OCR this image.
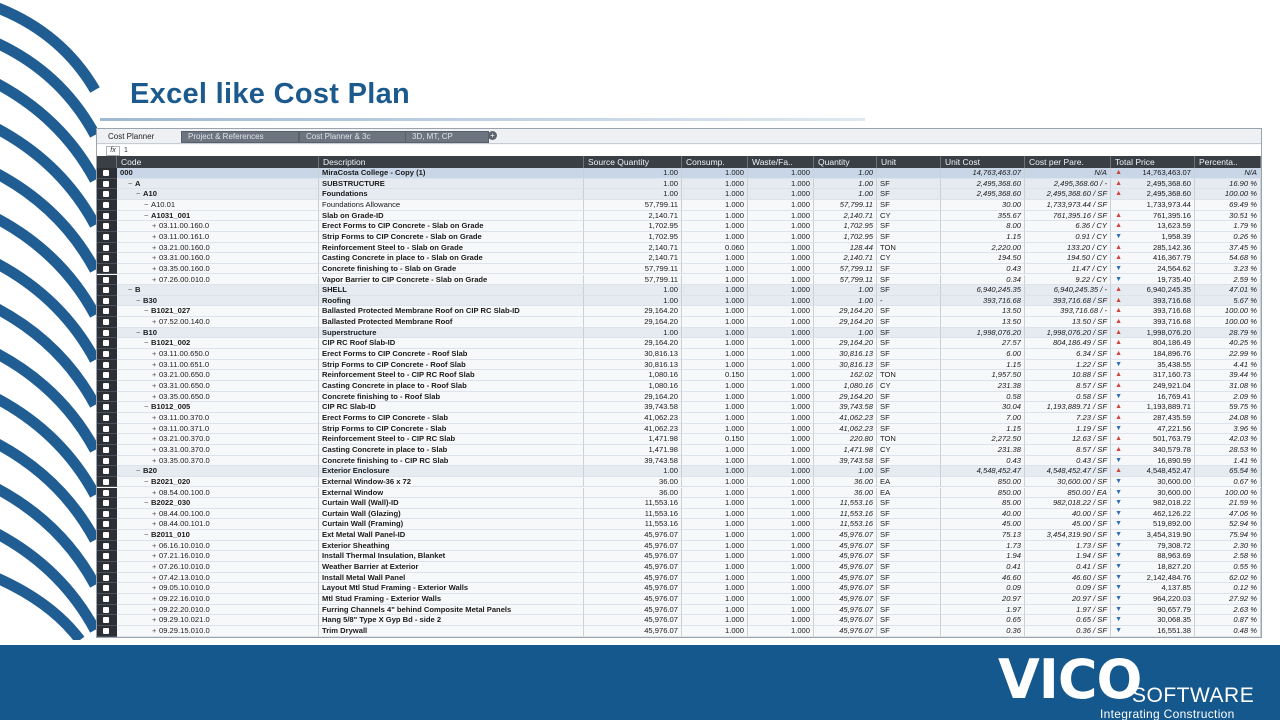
Excel like Cost Plan
Cost Planner	Project & References	Cost Planner & 3c	3D, MT, CP	+
fx	1
Code	Description	Source Quantity	Consump.	Waste/Fa..	Quantity	Unit	Unit Cost	Cost per Pare.	Total Price	Percenta..
000	MiraCosta College - Copy (1)	1.00	1.000	1.000	1.00	14,763,463.07	N/A	▲	14,763,463.07	N/A
− A	SUBSTRUCTURE	1.00	1.000	1.000	1.00 SF	2,495,368.60	2,495,368.60 / -	▲	2,495,368.60	16.90 %
− A10	Foundations	1.00	1.000	1.000	1.00 SF	2,495,368.60	2,495,368.60 / SF	▲	2,495,368.60	100.00 %
− A10.01	Foundations Allowance	57,799.11	1.000	1.000	57,799.11 SF	30.00	1,733,973.44 / SF	1,733,973.44	69.49 %
− A1031_001	Slab on Grade-ID	2,140.71	1.000	1.000	2,140.71 CY	355.67	761,395.16 / SF	▲	761,395.16	30.51 %
+ 03.11.00.160.0	Erect Forms to CIP Concrete - Slab on Grade	1,702.95	1.000	1.000	1,702.95 SF	8.00	6.36 / CY	▲	13,623.59	1.79 %
+ 03.11.00.161.0	Strip Forms to CIP Concrete - Slab on Grade	1,702.95	1.000	1.000	1,702.95 SF	1.15	0.91 / CY	▼	1,958.39	0.26 %
+ 03.21.00.160.0	Reinforcement Steel to - Slab on Grade	2,140.71	0.060	1.000	128.44 TON	2,220.00	133.20 / CY	▲	285,142.36	37.45 %
+ 03.31.00.160.0	Casting Concrete in place to - Slab on Grade	2,140.71	1.000	1.000	2,140.71 CY	194.50	194.50 / CY	▲	416,367.79	54.68 %
+ 03.35.00.160.0	Concrete finishing to - Slab on Grade	57,799.11	1.000	1.000	57,799.11 SF	0.43	11.47 / CY	▼	24,564.62	3.23 %
+ 07.26.00.010.0	Vapor Barrier to CIP Concrete - Slab on Grade	57,799.11	1.000	1.000	57,799.11 SF	0.34	9.22 / CY	▼	19,735.40	2.59 %
− B	SHELL	1.00	1.000	1.000	1.00 SF	6,940,245.35	6,940,245.35 / -	▲	6,940,245.35	47.01 %
− B30	Roofing	1.00	1.000	1.000	1.00 -	393,716.68	393,716.68 / SF	▲	393,716.68	5.67 %
− B1021_027	Ballasted Protected Membrane Roof on CIP RC Slab-ID	29,164.20	1.000	1.000	29,164.20 SF	13.50	393,716.68 / -	▲	393,716.68	100.00 %
+ 07.52.00.140.0	Ballasted Protected Membrane Roof	29,164.20	1.000	1.000	29,164.20 SF	13.50	13.50 / SF	▲	393,716.68	100.00 %
− B10	Superstructure	1.00	1.000	1.000	1.00 SF	1,998,076.20	1,998,076.20 / SF	▲	1,998,076.20	28.79 %
− B1021_002	CIP RC Roof Slab-ID	29,164.20	1.000	1.000	29,164.20 SF	27.57	804,186.49 / SF	▲	804,186.49	40.25 %
+ 03.11.00.650.0	Erect Forms to CIP Concrete - Roof Slab	30,816.13	1.000	1.000	30,816.13 SF	6.00	6.34 / SF	▲	184,896.76	22.99 %
+ 03.11.00.651.0	Strip Forms to CIP Concrete - Roof Slab	30,816.13	1.000	1.000	30,816.13 SF	1.15	1.22 / SF	▼	35,438.55	4.41 %
+ 03.21.00.650.0	Reinforcement Steel to - CIP RC Roof Slab	1,080.16	0.150	1.000	162.02 TON	1,957.50	10.88 / SF	▲	317,160.73	39.44 %
+ 03.31.00.650.0	Casting Concrete in place to - Roof Slab	1,080.16	1.000	1.000	1,080.16 CY	231.38	8.57 / SF	▲	249,921.04	31.08 %
+ 03.35.00.650.0	Concrete finishing to - Roof Slab	29,164.20	1.000	1.000	29,164.20 SF	0.58	0.58 / SF	▼	16,769.41	2.09 %
− B1012_005	CIP RC Slab-ID	39,743.58	1.000	1.000	39,743.58 SF	30.04	1,193,889.71 / SF	▲	1,193,889.71	59.75 %
+ 03.11.00.370.0	Erect Forms to CIP Concrete - Slab	41,062.23	1.000	1.000	41,062.23 SF	7.00	7.23 / SF	▲	287,435.59	24.08 %
+ 03.11.00.371.0	Strip Forms to CIP Concrete - Slab	41,062.23	1.000	1.000	41,062.23 SF	1.15	1.19 / SF	▼	47,221.56	3.96 %
+ 03.21.00.370.0	Reinforcement Steel to - CIP RC Slab	1,471.98	0.150	1.000	220.80 TON	2,272.50	12.63 / SF	▲	501,763.79	42.03 %
+ 03.31.00.370.0	Casting Concrete in place to - Slab	1,471.98	1.000	1.000	1,471.98 CY	231.38	8.57 / SF	▲	340,579.78	28.53 %
+ 03.35.00.370.0	Concrete finishing to - CIP RC Slab	39,743.58	1.000	1.000	39,743.58 SF	0.43	0.43 / SF	▼	16,890.99	1.41 %
− B20	Exterior Enclosure	1.00	1.000	1.000	1.00 SF	4,548,452.47	4,548,452.47 / SF	▲	4,548,452.47	65.54 %
− B2021_020	External Window-36 x 72	36.00	1.000	1.000	36.00 EA	850.00	30,600.00 / SF	▼	30,600.00	0.67 %
+ 08.54.00.100.0	External Window	36.00	1.000	1.000	36.00 EA	850.00	850.00 / EA	▼	30,600.00	100.00 %
− B2022_030	Curtain Wall (Wall)-ID	11,553.16	1.000	1.000	11,553.16 SF	85.00	982,018.22 / SF	▼	982,018.22	21.59 %
+ 08.44.00.100.0	Curtain Wall (Glazing)	11,553.16	1.000	1.000	11,553.16 SF	40.00	40.00 / SF	▼	462,126.22	47.06 %
+ 08.44.00.101.0	Curtain Wall (Framing)	11,553.16	1.000	1.000	11,553.16 SF	45.00	45.00 / SF	▼	519,892.00	52.94 %
− B2011_010	Ext Metal Wall Panel-ID	45,976.07	1.000	1.000	45,976.07 SF	75.13	3,454,319.90 / SF	▼	3,454,319.90	75.94 %
+ 06.16.10.010.0	Exterior Sheathing	45,976.07	1.000	1.000	45,976.07 SF	1.73	1.73 / SF	▼	79,308.72	2.30 %
+ 07.21.16.010.0	Install Thermal Insulation, Blanket	45,976.07	1.000	1.000	45,976.07 SF	1.94	1.94 / SF	▼	88,963.69	2.58 %
+ 07.26.10.010.0	Weather Barrier at Exterior	45,976.07	1.000	1.000	45,976.07 SF	0.41	0.41 / SF	▼	18,827.20	0.55 %
+ 07.42.13.010.0	Install Metal Wall Panel	45,976.07	1.000	1.000	45,976.07 SF	46.60	46.60 / SF	▼	2,142,484.76	62.02 %
+ 09.05.10.010.0	Layout Mtl Stud Framing - Exterior Walls	45,976.07	1.000	1.000	45,976.07 SF	0.09	0.09 / SF	▼	4,137.85	0.12 %
+ 09.22.16.010.0	Mtl Stud Framing - Exterior Walls	45,976.07	1.000	1.000	45,976.07 SF	20.97	20.97 / SF	▼	964,220.03	27.92 %
+ 09.22.20.010.0	Furring Channels 4" behind Composite Metal Panels	45,976.07	1.000	1.000	45,976.07 SF	1.97	1.97 / SF	▼	90,657.79	2.63 %
+ 09.29.10.021.0	Hang 5/8" Type X Gyp Bd - side 2	45,976.07	1.000	1.000	45,976.07 SF	0.65	0.65 / SF	▼	30,068.35	0.87 %
+ 09.29.15.010.0	Trim Drywall	45,976.07	1.000	1.000	45,976.07 SF	0.36	0.36 / SF	▼	16,551.38	0.48 %
VICO
SOFTWARE
Integrating Construction
